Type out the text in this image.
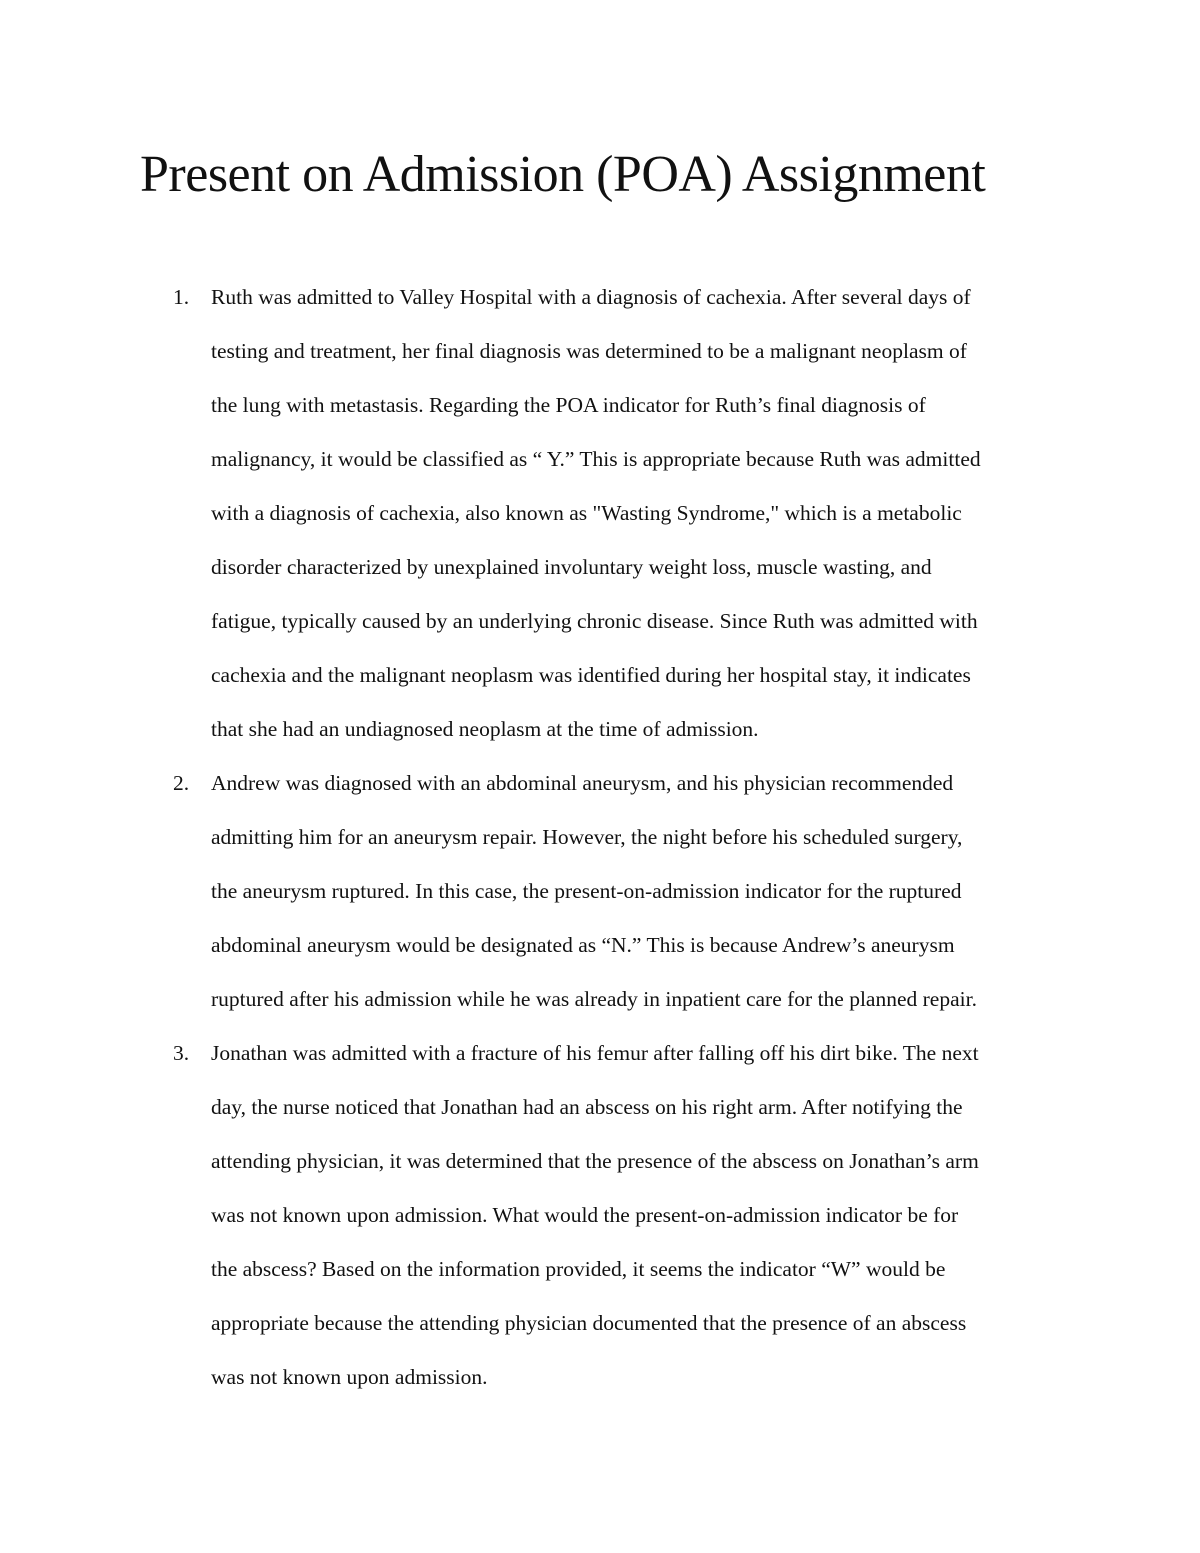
Present on Admission (POA) Assignment
1. Ruth was admitted to Valley Hospital with a diagnosis of cachexia. After several days of
testing and treatment, her final diagnosis was determined to be a malignant neoplasm of
the lung with metastasis. Regarding the POA indicator for Ruth’s final diagnosis of
malignancy, it would be classified as “ Y.” This is appropriate because Ruth was admitted
with a diagnosis of cachexia, also known as "Wasting Syndrome," which is a metabolic
disorder characterized by unexplained involuntary weight loss, muscle wasting, and
fatigue, typically caused by an underlying chronic disease. Since Ruth was admitted with
cachexia and the malignant neoplasm was identified during her hospital stay, it indicates
that she had an undiagnosed neoplasm at the time of admission.
2. Andrew was diagnosed with an abdominal aneurysm, and his physician recommended
admitting him for an aneurysm repair. However, the night before his scheduled surgery,
the aneurysm ruptured. In this case, the present-on-admission indicator for the ruptured
abdominal aneurysm would be designated as “N.” This is because Andrew’s aneurysm
ruptured after his admission while he was already in inpatient care for the planned repair.
3. Jonathan was admitted with a fracture of his femur after falling off his dirt bike. The next
day, the nurse noticed that Jonathan had an abscess on his right arm. After notifying the
attending physician, it was determined that the presence of the abscess on Jonathan’s arm
was not known upon admission. What would the present-on-admission indicator be for
the abscess? Based on the information provided, it seems the indicator “W” would be
appropriate because the attending physician documented that the presence of an abscess
was not known upon admission.
